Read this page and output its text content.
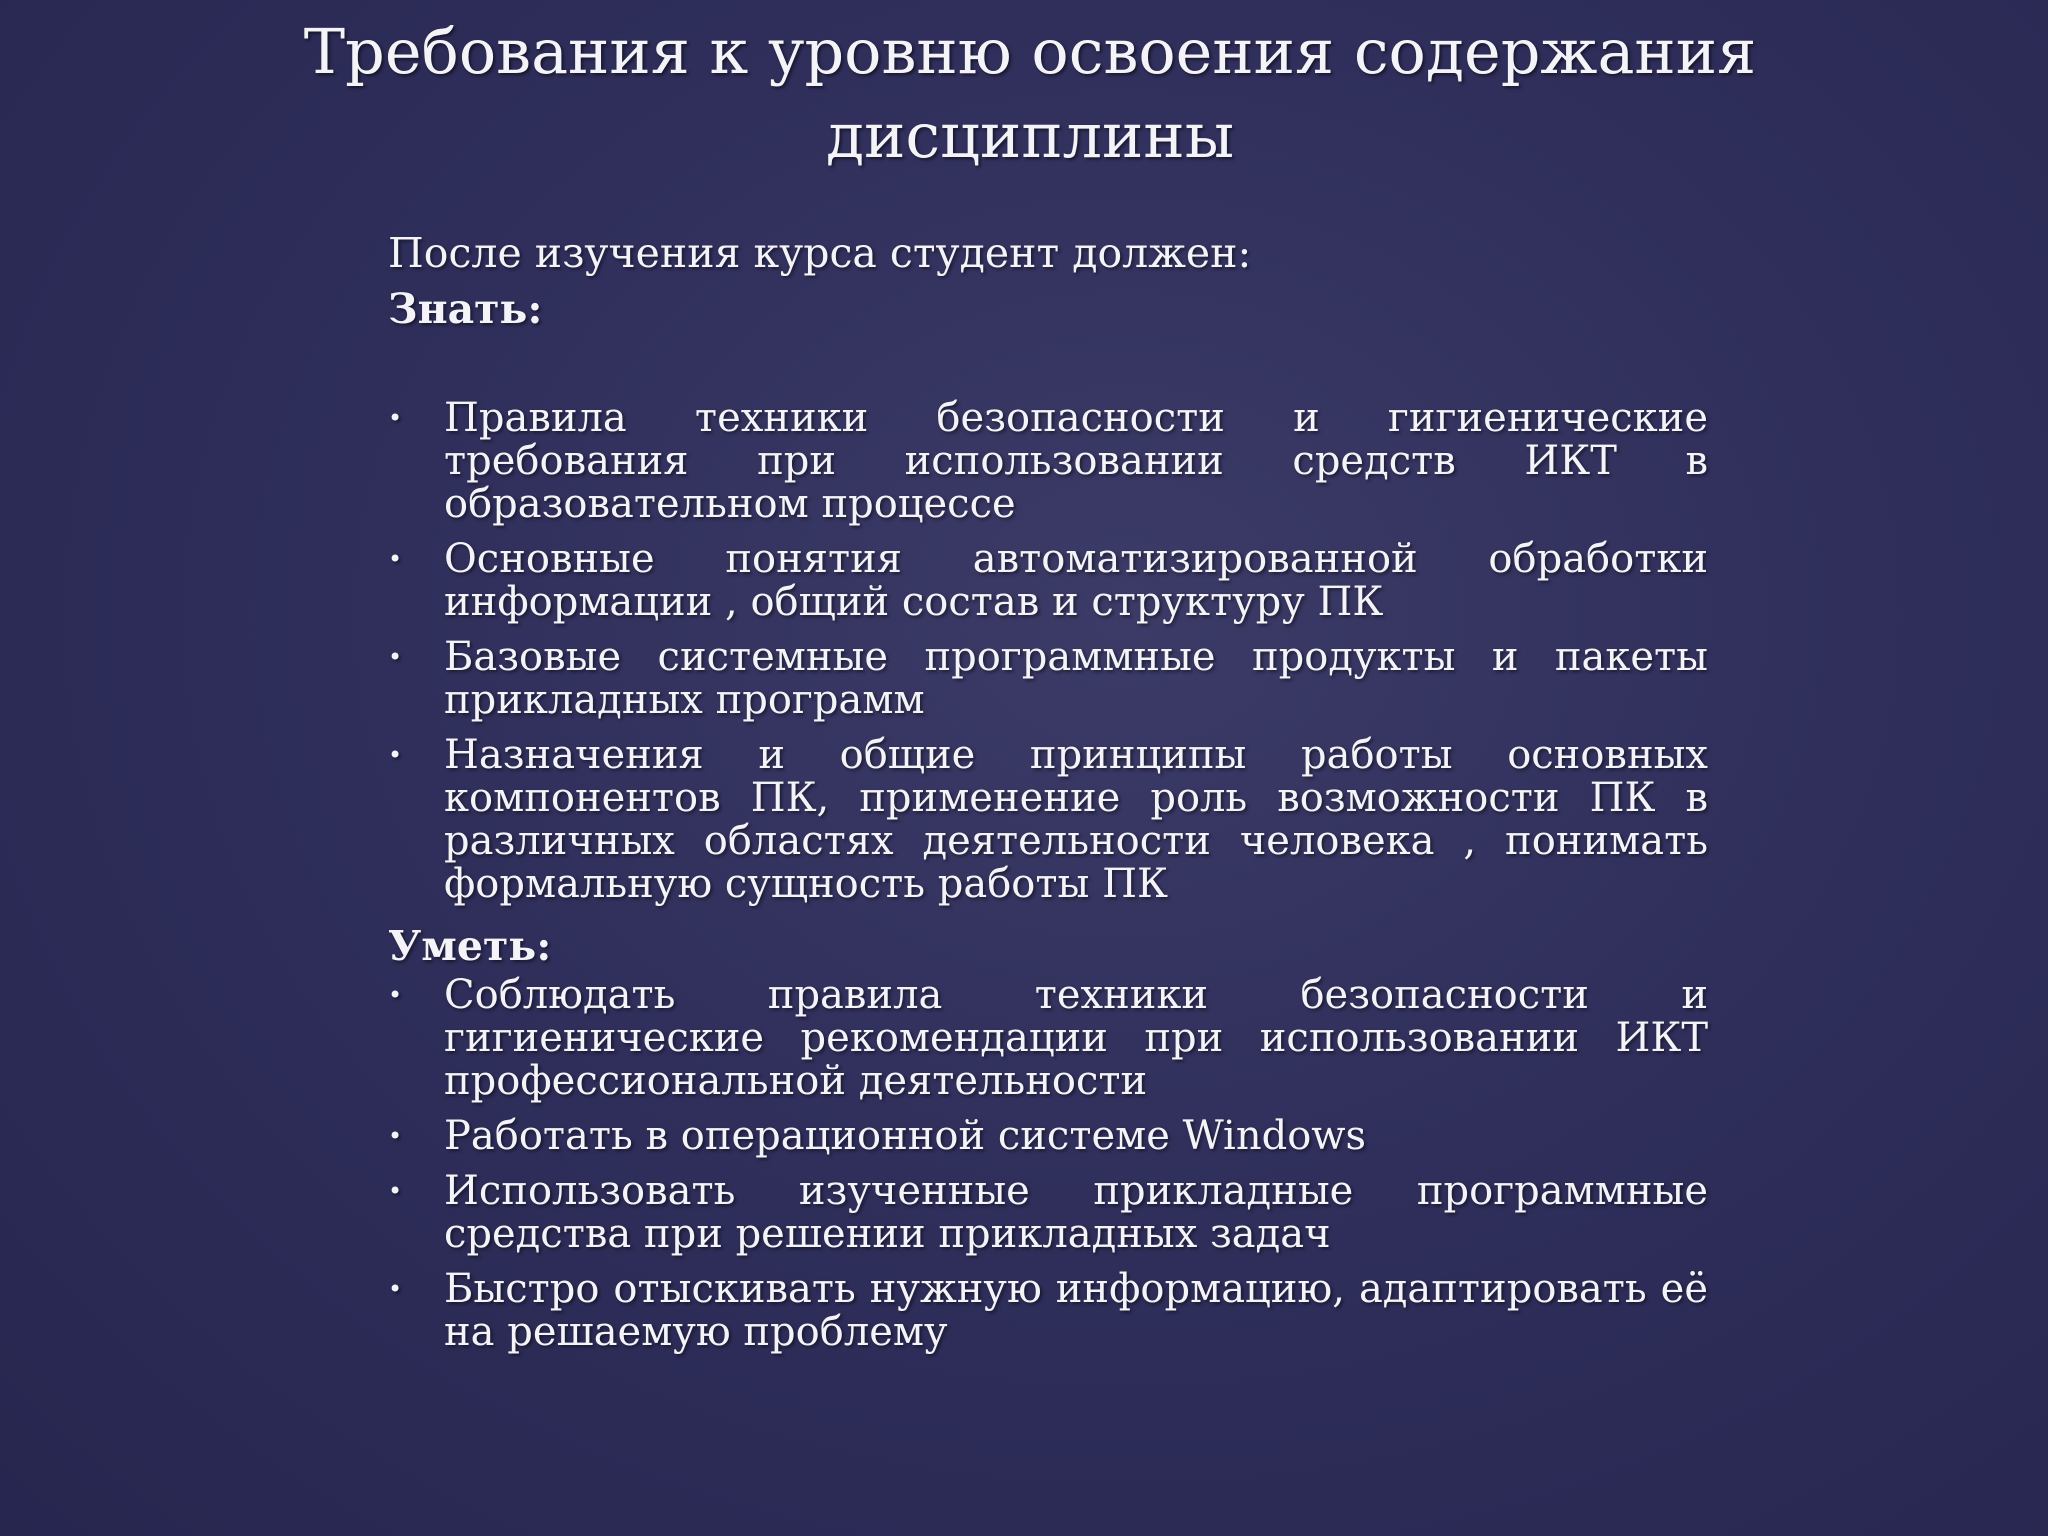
Требования к уровню освоения содержания дисциплины

После изучения курса студент должен:

Знать:

• Правила техники безопасности и гигиенические требования при использовании средств ИКТ в образовательном процессе
• Основные понятия автоматизированной обработки информации , общий состав и структуру ПК
• Базовые системные программные продукты и пакеты прикладных программ
• Назначения и общие принципы работы основных компонентов ПК, применение роль возможности ПК в различных областях деятельности человека , понимать формальную сущность работы ПК

Уметь:

• Соблюдать правила техники безопасности и гигиенические рекомендации при использовании ИКТ профессиональной деятельности
• Работать в операционной системе Windows
• Использовать изученные прикладные программные средства при решении прикладных задач
• Быстро отыскивать нужную информацию, адаптировать её на решаемую проблему
